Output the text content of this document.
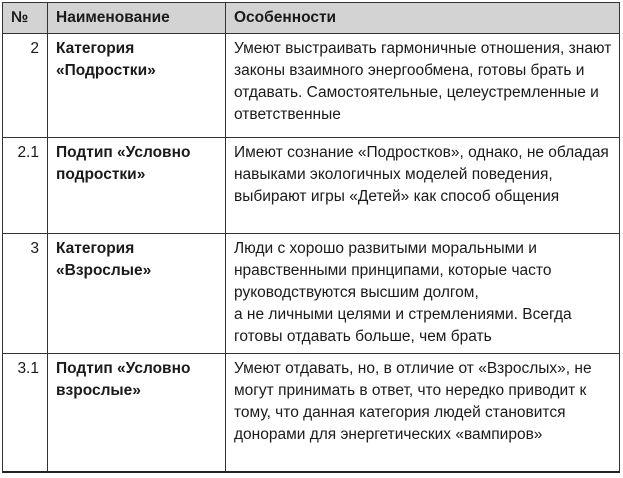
№	Наименование	Особенности
2	Категория «Подростки»	Умеют выстраивать гармоничные отношения, знают законы взаимного энергообмена, готовы брать и отдавать. Самостоятельные, целеустремленные и ответственные
2.1	Подтип «Условно подростки»	Имеют сознание «Подростков», однако, не обладая навыками экологичных моделей поведения, выбирают игры «Детей» как способ общения
3	Категория «Взрослые»	Люди с хорошо развитыми моральными и нравственными принципами, которые часто руководствуются высшим долгом,
а не личными целями и стремлениями. Всегда готовы отдавать больше, чем брать
3.1	Подтип «Условно взрослые»	Умеют отдавать, но, в отличие от «Взрослых», не могут принимать в ответ, что нередко приводит к тому, что данная категория людей становится донорами для энергетических «вампиров»
